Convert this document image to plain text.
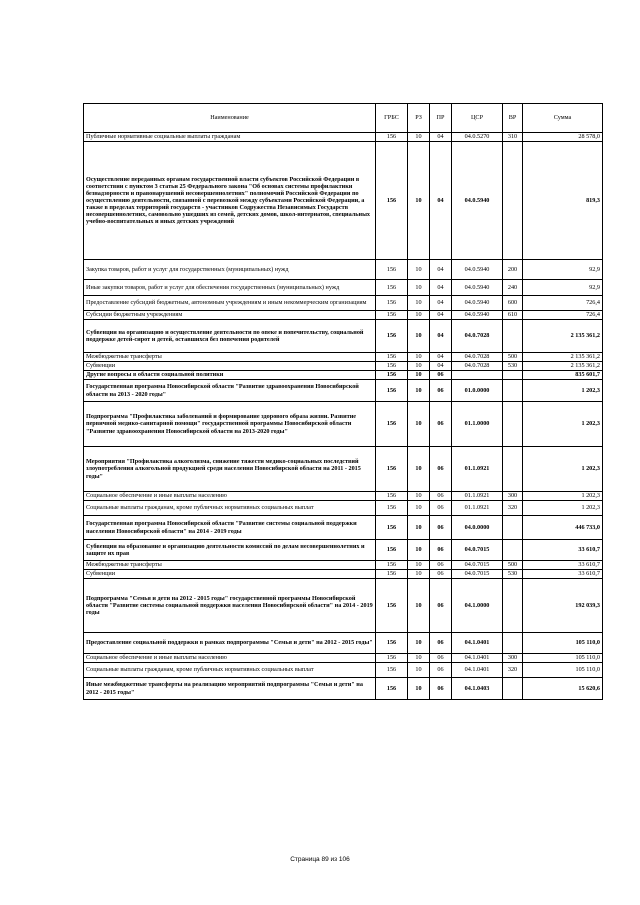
Наименование	ГРБС	РЗ	ПР	ЦСР	ВР	Сумма
Публичные нормативные социальные выплаты гражданам	156	10	04	04.0.5270	310	28 578,0
Осуществление переданных органам государственной власти субъектов Российской Федерации в соответствии с пунктом 3 статьи 25 Федерального закона "Об основах системы профилактики безнадзорности и правонарушений несовершеннолетних" полномочий Российской Федерации по осуществлению деятельности, связанной с перевозкой между субъектами Российской Федерации, а также в пределах территорий государств - участников Содружества Независимых Государств несовершеннолетних, самовольно ушедших из семей, детских домов, школ-интернатов, специальных учебно-воспитательных и иных детских учреждений	156	10	04	04.0.5940		819,3
Закупка товаров, работ и услуг для государственных (муниципальных) нужд	156	10	04	04.0.5940	200	92,9
Иные закупки товаров, работ и услуг для обеспечения государственных (муниципальных) нужд	156	10	04	04.0.5940	240	92,9
Предоставление субсидий бюджетным, автономным учреждениям и иным некоммерческим организациям	156	10	04	04.0.5940	600	726,4
Субсидии бюджетным учреждениям	156	10	04	04.0.5940	610	726,4
Субвенции на организацию и осуществление деятельности по опеке и попечительству, социальной поддержке детей-сирот и детей, оставшихся без попечения родителей	156	10	04	04.0.7028		2 135 361,2
Межбюджетные трансферты	156	10	04	04.0.7028	500	2 135 361,2
Субвенции	156	10	04	04.0.7028	530	2 135 361,2
Другие вопросы в области социальной политики	156	10	06			835 601,7
Государственная программа Новосибирской области "Развитие здравоохранения Новосибирской области на 2013 - 2020 годы"	156	10	06	01.0.0000		1 202,3
Подпрограмма "Профилактика заболеваний и формирование здорового образа жизни. Развитие первичной медико-санитарной помощи" государственной программы Новосибирской области "Развитие здравоохранения Новосибирской области на 2013-2020 годы"	156	10	06	01.1.0000		1 202,3
Мероприятия "Профилактика алкоголизма, снижение тяжести медико-социальных последствий злоупотребления алкогольной продукцией среди населения Новосибирской области на 2011 - 2015 годы"	156	10	06	01.1.0921		1 202,3
Социальное обеспечение и иные выплаты населению	156	10	06	01.1.0921	300	1 202,3
Социальные выплаты гражданам, кроме публичных нормативных социальных выплат	156	10	06	01.1.0921	320	1 202,3
Государственная программа Новосибирской области "Развитие системы социальной поддержки населения Новосибирской области" на 2014 - 2019 годы	156	10	06	04.0.0000		446 733,0
Субвенции на образование и организацию деятельности комиссий по делам несовершеннолетних и защите их прав	156	10	06	04.0.7015		33 610,7
Межбюджетные трансферты	156	10	06	04.0.7015	500	33 610,7
Субвенции	156	10	06	04.0.7015	530	33 610,7
Подпрограмма "Семья и дети на 2012 - 2015 годы" государственной программы Новосибирской области "Развитие системы социальной поддержки населения Новосибирской области" на 2014 - 2019 годы	156	10	06	04.1.0000		192 039,3
Предоставление социальной поддержки в рамках подпрограммы "Семья и дети" на 2012 - 2015 годы"	156	10	06	04.1.0401		105 110,0
Социальное обеспечение и иные выплаты населению	156	10	06	04.1.0401	300	105 110,0
Социальные выплаты гражданам, кроме публичных нормативных социальных выплат	156	10	06	04.1.0401	320	105 110,0
Иные межбюджетные трансферты на реализацию мероприятий подпрограммы "Семья и дети" на 2012 - 2015 годы"	156	10	06	04.1.0403		15 620,6
Страница 89 из 106
